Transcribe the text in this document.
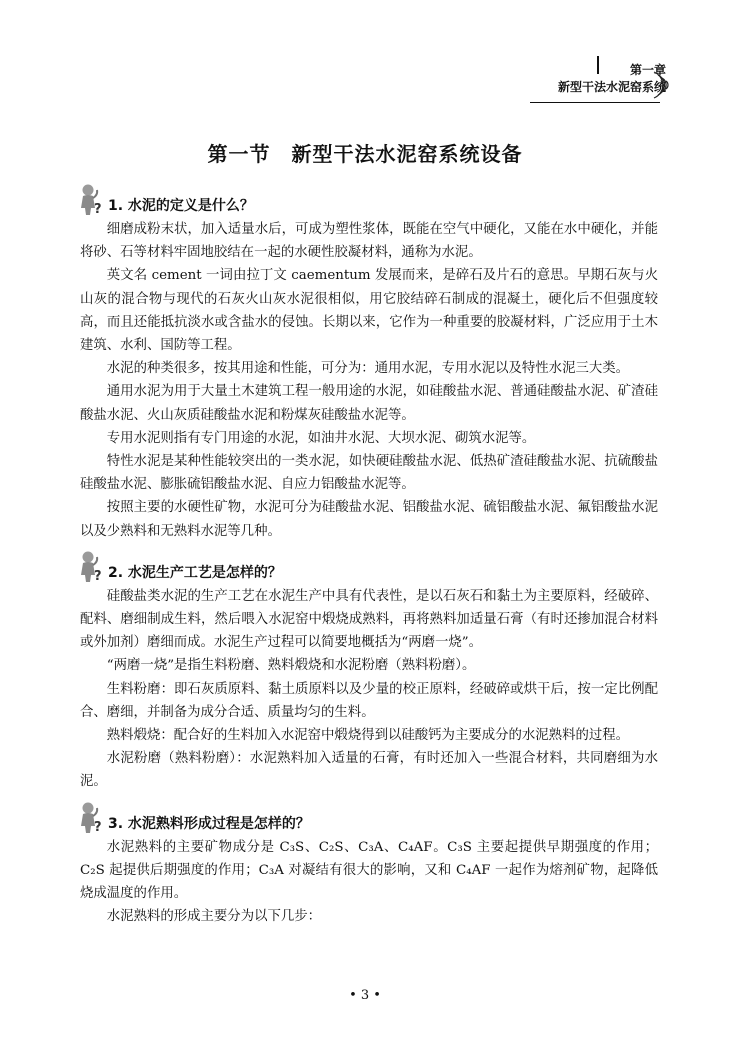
第一章
新型干法水泥窑系统
第一节　新型干法水泥窑系统设备
? 1. 水泥的定义是什么？

细磨成粉末状，加入适量水后，可成为塑性浆体，既能在空气中硬化，又能在水中硬化，并能将砂、石等材料牢固地胶结在一起的水硬性胶凝材料，通称为水泥。

英文名 cement 一词由拉丁文 caementum 发展而来，是碎石及片石的意思。早期石灰与火山灰的混合物与现代的石灰火山灰水泥很相似，用它胶结碎石制成的混凝土，硬化后不但强度较高，而且还能抵抗淡水或含盐水的侵蚀。长期以来，它作为一种重要的胶凝材料，广泛应用于土木建筑、水利、国防等工程。

水泥的种类很多，按其用途和性能，可分为：通用水泥，专用水泥以及特性水泥三大类。

通用水泥为用于大量土木建筑工程一般用途的水泥，如硅酸盐水泥、普通硅酸盐水泥、矿渣硅酸盐水泥、火山灰质硅酸盐水泥和粉煤灰硅酸盐水泥等。

专用水泥则指有专门用途的水泥，如油井水泥、大坝水泥、砌筑水泥等。

特性水泥是某种性能较突出的一类水泥，如快硬硅酸盐水泥、低热矿渣硅酸盐水泥、抗硫酸盐硅酸盐水泥、膨胀硫铝酸盐水泥、自应力铝酸盐水泥等。

按照主要的水硬性矿物，水泥可分为硅酸盐水泥、铝酸盐水泥、硫铝酸盐水泥、氟铝酸盐水泥以及少熟料和无熟料水泥等几种。

? 2. 水泥生产工艺是怎样的？

硅酸盐类水泥的生产工艺在水泥生产中具有代表性，是以石灰石和黏土为主要原料，经破碎、配料、磨细制成生料，然后喂入水泥窑中煅烧成熟料，再将熟料加适量石膏（有时还掺加混合材料或外加剂）磨细而成。水泥生产过程可以简要地概括为“两磨一烧”。

“两磨一烧”是指生料粉磨、熟料煅烧和水泥粉磨（熟料粉磨）。

生料粉磨：即石灰质原料、黏土质原料以及少量的校正原料，经破碎或烘干后，按一定比例配合、磨细，并制备为成分合适、质量均匀的生料。

熟料煅烧：配合好的生料加入水泥窑中煅烧得到以硅酸钙为主要成分的水泥熟料的过程。

水泥粉磨（熟料粉磨）：水泥熟料加入适量的石膏，有时还加入一些混合材料，共同磨细为水泥。

? 3. 水泥熟料形成过程是怎样的？

水泥熟料的主要矿物成分是 C₃S、C₂S、C₃A、C₄AF。C₃S 主要起提供早期强度的作用；C₂S 起提供后期强度的作用；C₃A 对凝结有很大的影响，又和 C₄AF 一起作为熔剂矿物，起降低烧成温度的作用。

水泥熟料的形成主要分为以下几步：

• 3 •
